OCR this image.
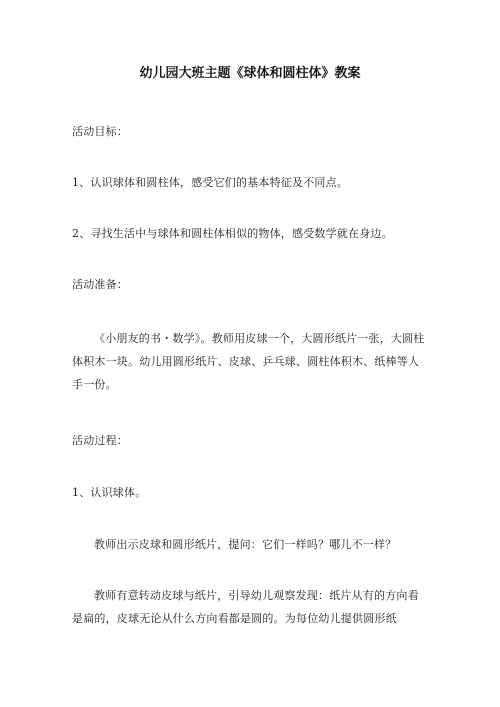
幼儿园大班主题《球体和圆柱体》教案

活动目标：

1、认识球体和圆柱体，感受它们的基本特征及不同点。

2、寻找生活中与球体和圆柱体相似的物体，感受数学就在身边。

活动准备：

《小朋友的书・数学》。教师用皮球一个，大圆形纸片一张，大圆柱体积木一块。幼儿用圆形纸片、皮球、乒乓球、圆柱体积木、纸棒等人手一份。

活动过程：

1、认识球体。

教师出示皮球和圆形纸片，提问：它们一样吗？哪儿不一样？

教师有意转动皮球与纸片，引导幼儿观察发现：纸片从有的方向看是扁的，皮球无论从什么方向看都是圆的。为每位幼儿提供圆形纸
